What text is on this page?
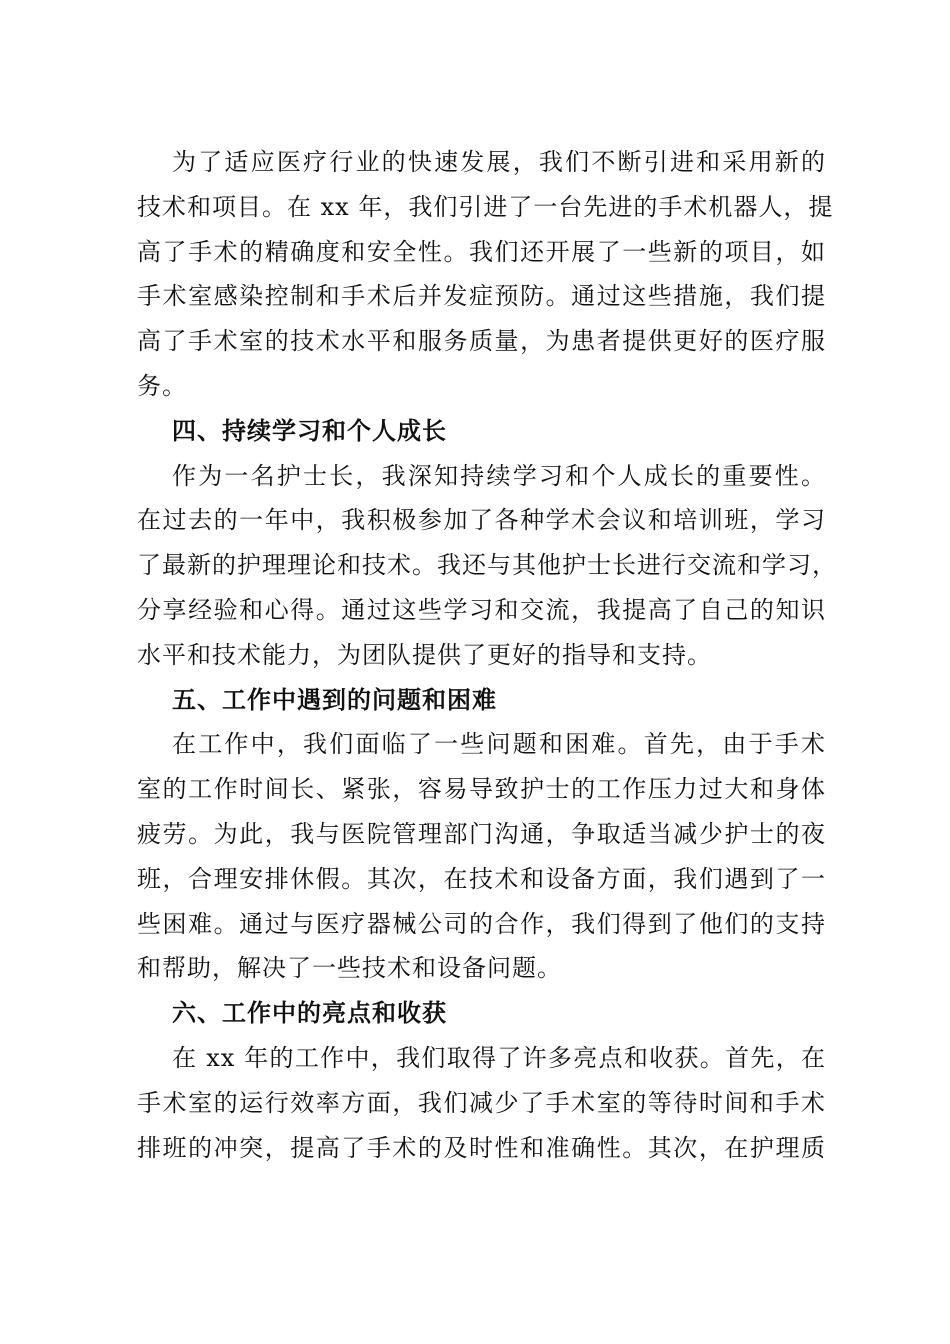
为了适应医疗行业的快速发展，我们不断引进和采用新的
技术和项目。在 xx 年，我们引进了一台先进的手术机器人，提
高了手术的精确度和安全性。我们还开展了一些新的项目，如
手术室感染控制和手术后并发症预防。通过这些措施，我们提
高了手术室的技术水平和服务质量，为患者提供更好的医疗服
务。
四、持续学习和个人成长
作为一名护士长，我深知持续学习和个人成长的重要性。
在过去的一年中，我积极参加了各种学术会议和培训班，学习
了最新的护理理论和技术。我还与其他护士长进行交流和学习，
分享经验和心得。通过这些学习和交流，我提高了自己的知识
水平和技术能力，为团队提供了更好的指导和支持。
五、工作中遇到的问题和困难
在工作中，我们面临了一些问题和困难。首先，由于手术
室的工作时间长、紧张，容易导致护士的工作压力过大和身体
疲劳。为此，我与医院管理部门沟通，争取适当减少护士的夜
班，合理安排休假。其次，在技术和设备方面，我们遇到了一
些困难。通过与医疗器械公司的合作，我们得到了他们的支持
和帮助，解决了一些技术和设备问题。
六、工作中的亮点和收获
在 xx 年的工作中，我们取得了许多亮点和收获。首先，在
手术室的运行效率方面，我们减少了手术室的等待时间和手术
排班的冲突，提高了手术的及时性和准确性。其次，在护理质
